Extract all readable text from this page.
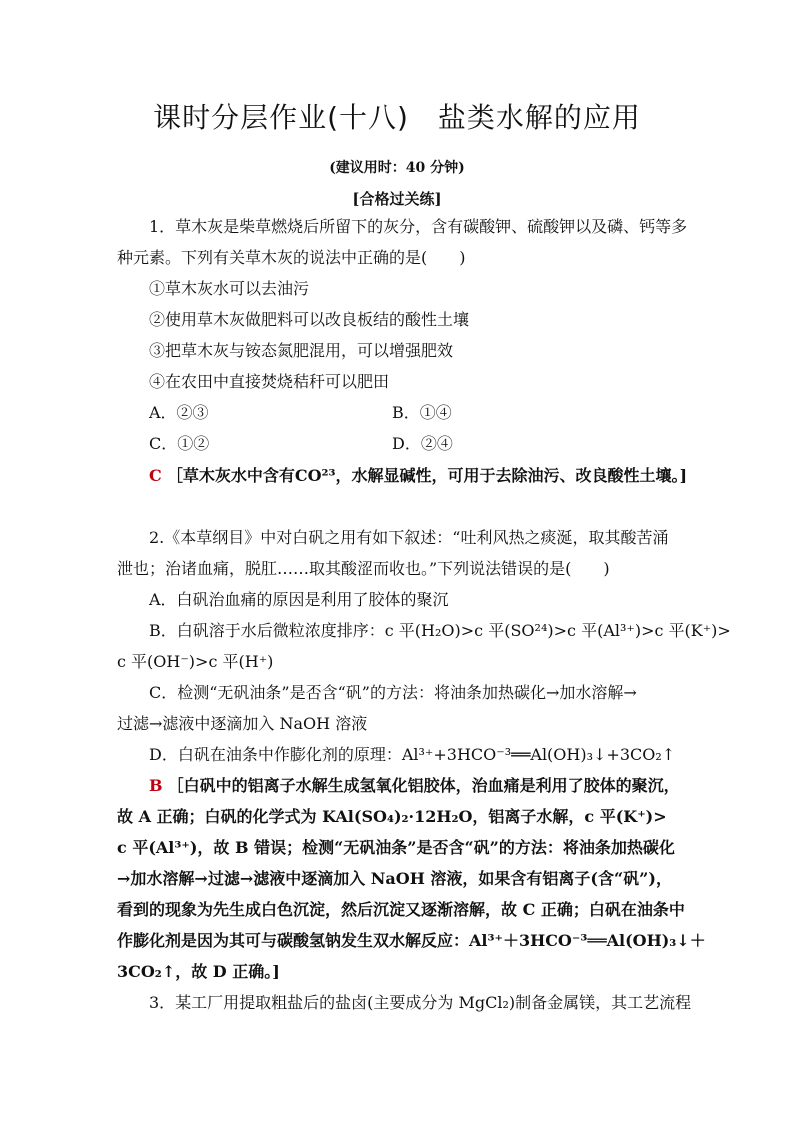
课时分层作业(十八)　盐类水解的应用
(建议用时：40 分钟)
[合格过关练]
1．草木灰是柴草燃烧后所留下的灰分，含有碳酸钾、硫酸钾以及磷、钙等多
种元素。下列有关草木灰的说法中正确的是(　　)
①草木灰水可以去油污
②使用草木灰做肥料可以改良板结的酸性土壤
③把草木灰与铵态氮肥混用，可以增强肥效
④在农田中直接焚烧秸秆可以肥田
A．②③	B．①④
C．①②	D．②④
C ［草木灰水中含有CO²³，水解显碱性，可用于去除油污、改良酸性土壤。]
2.《本草纲目》中对白矾之用有如下叙述：“吐利风热之痰涎，取其酸苦涌
泄也；治诸血痛，脱肛……取其酸涩而收也。”下列说法错误的是(　　)
A．白矾治血痛的原因是利用了胶体的聚沉
B．白矾溶于水后微粒浓度排序：c 平(H₂O)>c 平(SO²⁴)>c 平(Al³⁺)>c 平(K⁺)>
c 平(OH⁻)>c 平(H⁺)
C．检测“无矾油条”是否含“矾”的方法：将油条加热碳化→加水溶解→
过滤→滤液中逐滴加入 NaOH 溶液
D．白矾在油条中作膨化剂的原理：Al³⁺+3HCO⁻³══Al(OH)₃↓+3CO₂↑
B ［白矾中的铝离子水解生成氢氧化铝胶体，治血痛是利用了胶体的聚沉，
故 A 正确；白矾的化学式为 KAl(SO₄)₂·12H₂O，铝离子水解，c 平(K⁺)>
c 平(Al³⁺)，故 B 错误；检测“无矾油条”是否含“矾”的方法：将油条加热碳化
→加水溶解→过滤→滤液中逐滴加入 NaOH 溶液，如果含有铝离子(含“矾”)，
看到的现象为先生成白色沉淀，然后沉淀又逐渐溶解，故 C 正确；白矾在油条中
作膨化剂是因为其可与碳酸氢钠发生双水解反应：Al³⁺＋3HCO⁻³══Al(OH)₃↓＋
3CO₂↑，故 D 正确。]
3．某工厂用提取粗盐后的盐卤(主要成分为 MgCl₂)制备金属镁，其工艺流程
